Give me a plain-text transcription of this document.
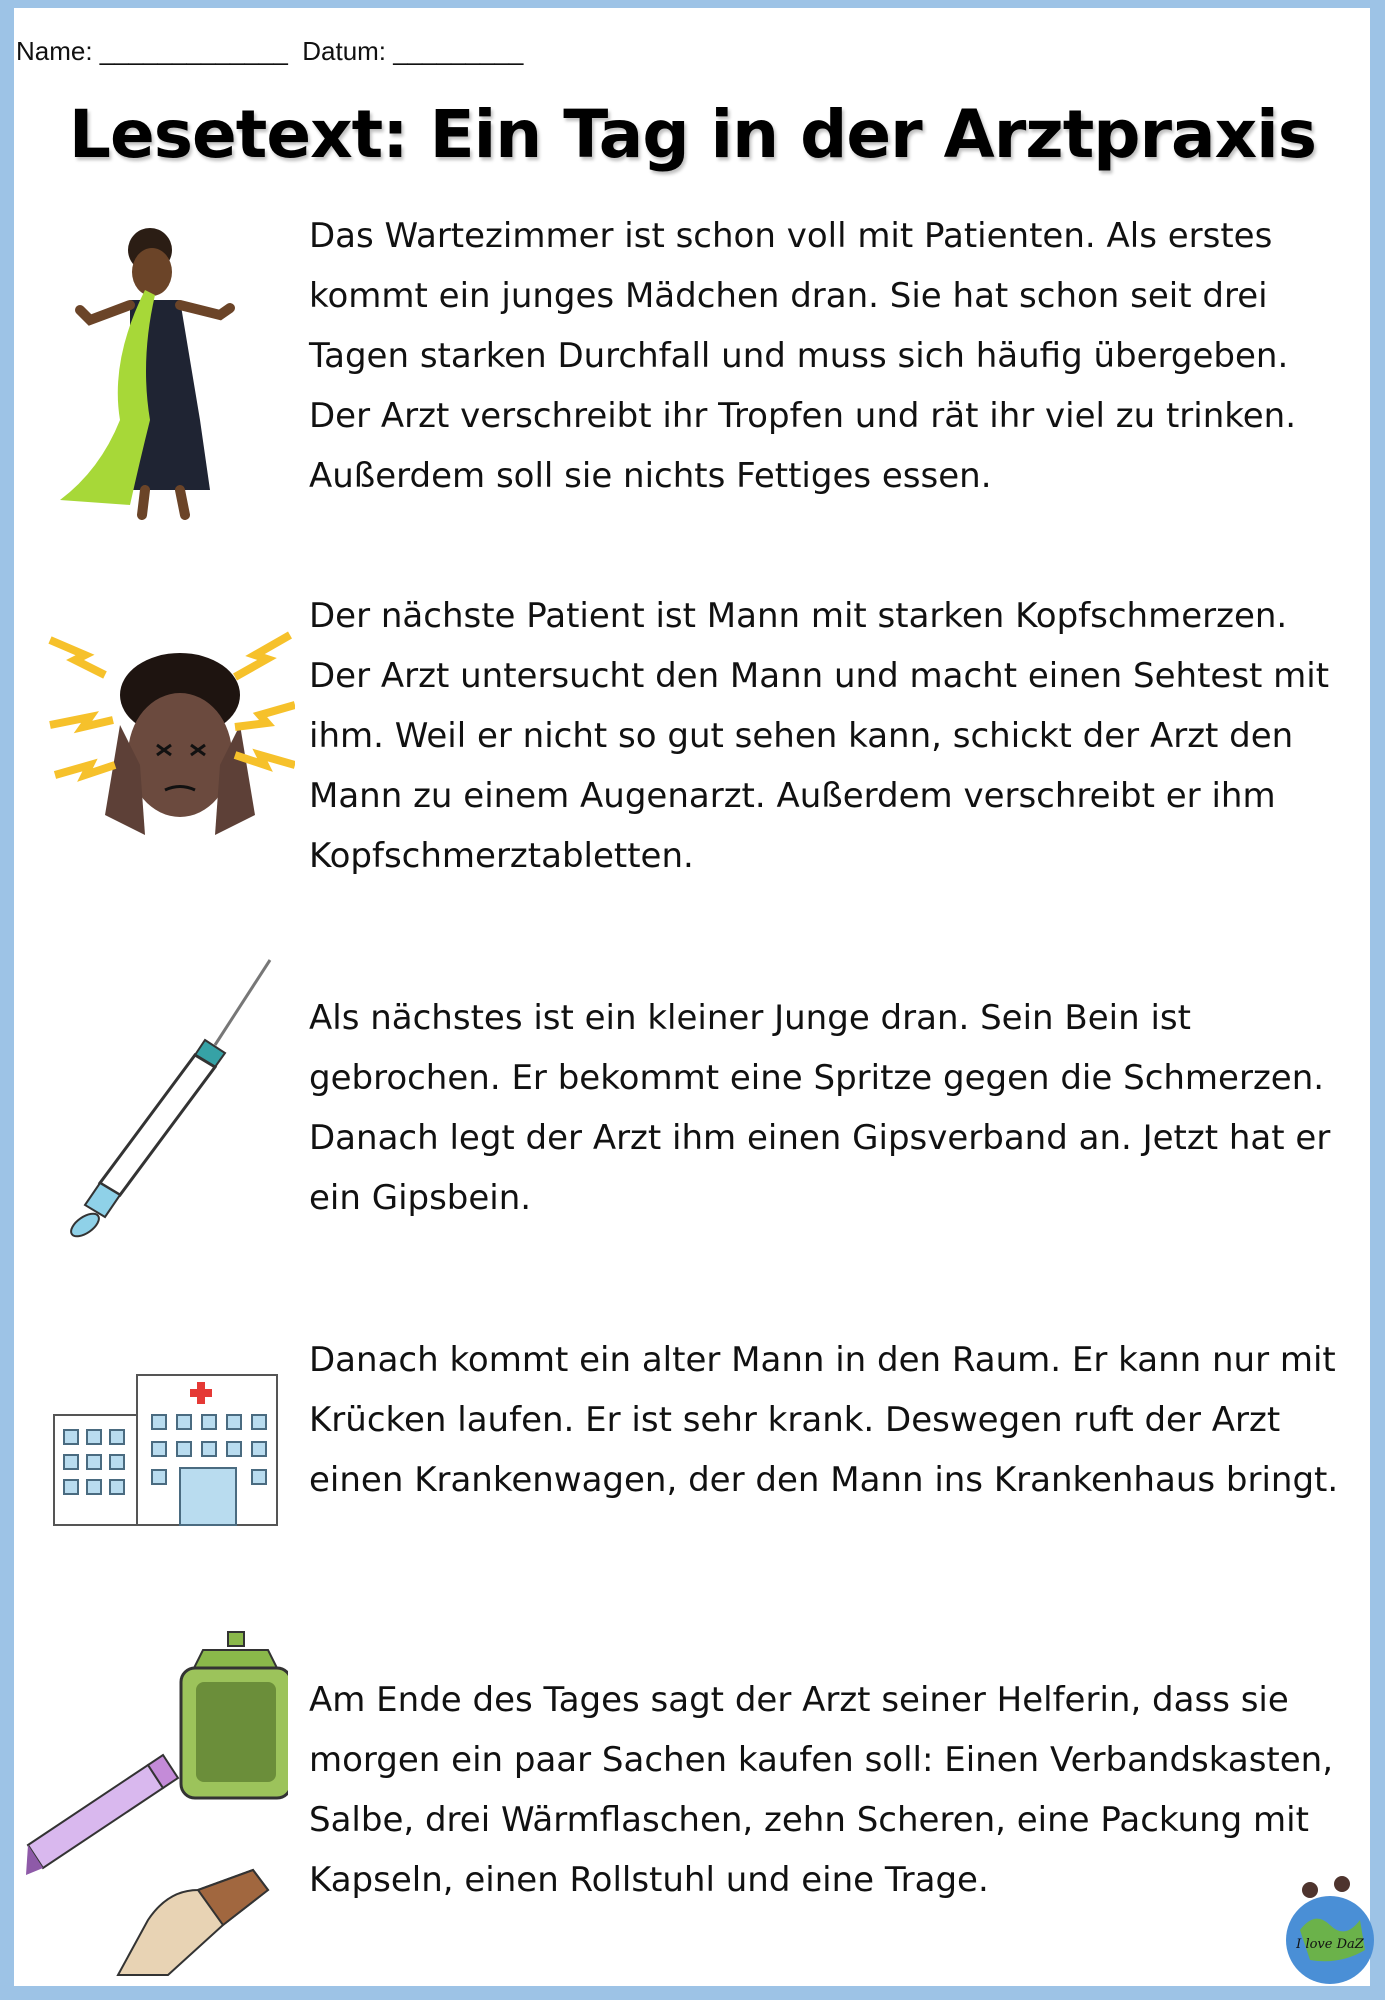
Name: _____________  Datum: _________
Lesetext: Ein Tag in der Arztpraxis
Das Wartezimmer ist schon voll mit Patienten. Als erstes kommt ein junges Mädchen dran. Sie hat schon seit drei Tagen starken Durchfall und muss sich häufig übergeben. Der Arzt verschreibt ihr Tropfen und rät ihr viel zu trinken. Außerdem soll sie nichts Fettiges essen.
Der nächste Patient ist Mann mit starken Kopfschmerzen. Der Arzt untersucht den Mann und macht einen Sehtest mit ihm. Weil er nicht so gut sehen kann, schickt der Arzt den Mann zu einem Augenarzt. Außerdem verschreibt er ihm Kopfschmerztabletten.
Als nächstes ist ein kleiner Junge dran. Sein Bein ist gebrochen. Er bekommt eine Spritze gegen die Schmerzen. Danach legt der Arzt ihm einen Gipsverband an. Jetzt hat er ein Gipsbein.
Danach kommt ein alter Mann in den Raum. Er kann nur mit Krücken laufen. Er ist sehr krank. Deswegen ruft der Arzt einen Krankenwagen, der den Mann ins Krankenhaus bringt.
Am Ende des Tages sagt der Arzt seiner Helferin, dass sie morgen ein paar Sachen kaufen soll: Einen Verbandskasten, Salbe, drei Wärmflaschen, zehn Scheren, eine Packung mit Kapseln, einen Rollstuhl und eine Trage.
I love DaZ
